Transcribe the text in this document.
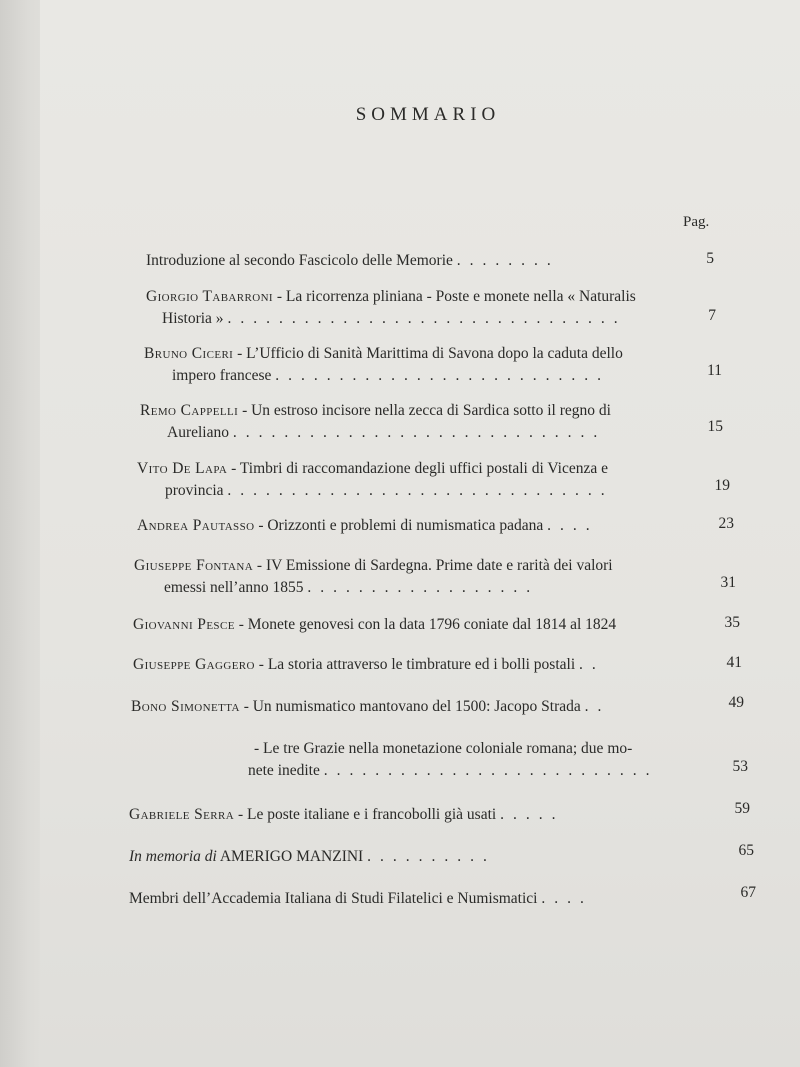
SOMMARIO
Pag.
Introduzione al secondo Fascicolo delle Memorie ........	5
Giorgio Tabarroni - La ricorrenza pliniana - Poste e monete nella « Naturalis
Historia » ...............................	7
Bruno Ciceri - L’Ufficio di Sanità Marittima di Savona dopo la caduta dello
impero francese ..........................	11
Remo Cappelli - Un estroso incisore nella zecca di Sardica sotto il regno di
Aureliano .............................	15
Vito De Lapa - Timbri di raccomandazione degli uffici postali di Vicenza e
provincia ..............................	19
Andrea Pautasso - Orizzonti e problemi di numismatica padana ....	23
Giuseppe Fontana - IV Emissione di Sardegna. Prime date e rarità dei valori
emessi nell’anno 1855 ..................	31
Giovanni Pesce - Monete genovesi con la data 1796 coniate dal 1814 al 1824	35
Giuseppe Gaggero - La storia attraverso le timbrature ed i bolli postali ..	41
Bono Simonetta - Un numismatico mantovano del 1500: Jacopo Strada ..	49
- Le tre Grazie nella monetazione coloniale romana; due mo-
nete inedite ..........................	53
Gabriele Serra - Le poste italiane e i francobolli già usati .....	59
In memoria di AMERIGO MANZINI ..........	65
Membri dell’Accademia Italiana di Studi Filatelici e Numismatici ....	67
